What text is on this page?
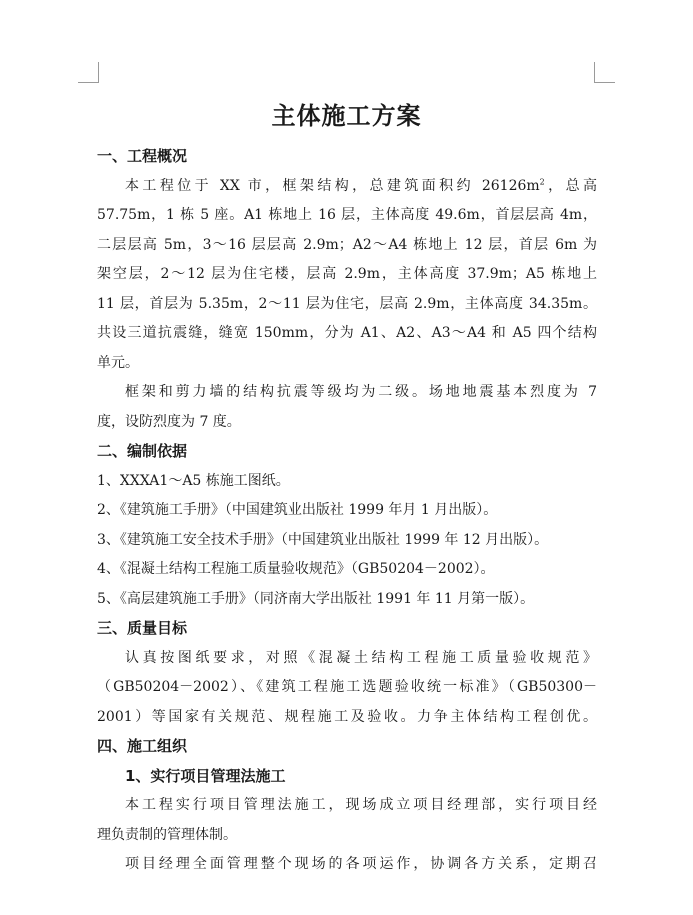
主体施工方案
一、工程概况
本工程位于 XX 市，框架结构，总建筑面积约 $26126m^2$，总高
57.75m，1 栋 5 座。A1 栋地上 16 层，主体高度 49.6m，首层层高 4m，
二层层高 5m，3～16 层层高 2.9m；A2～A4 栋地上 12 层，首层 6m 为
架空层，2～12 层为住宅楼，层高 2.9m，主体高度 37.9m；A5 栋地上
11 层，首层为 5.35m，2～11 层为住宅，层高 2.9m，主体高度 34.35m。
共设三道抗震缝，缝宽 150mm，分为 A1、A2、A3～A4 和 A5 四个结构
单元。
框架和剪力墙的结构抗震等级均为二级。场地地震基本烈度为 7
度，设防烈度为 7 度。
二、编制依据
1、XXXA1～A5 栋施工图纸。
2、《建筑施工手册》（中国建筑业出版社 1999 年月 1 月出版）。
3、《建筑施工安全技术手册》（中国建筑业出版社 1999 年 12 月出版）。
4、《混凝土结构工程施工质量验收规范》（GB50204－2002）。
5、《高层建筑施工手册》（同济南大学出版社 1991 年 11 月第一版）。
三、质量目标
认真按图纸要求，对照《混凝土结构工程施工质量验收规范》
（GB50204－2002）、《建筑工程施工选题验收统一标准》（GB50300－
2001）等国家有关规范、规程施工及验收。力争主体结构工程创优。
四、施工组织
1、实行项目管理法施工
本工程实行项目管理法施工，现场成立项目经理部，实行项目经
理负责制的管理体制。
项目经理全面管理整个现场的各项运作，协调各方关系，定期召
